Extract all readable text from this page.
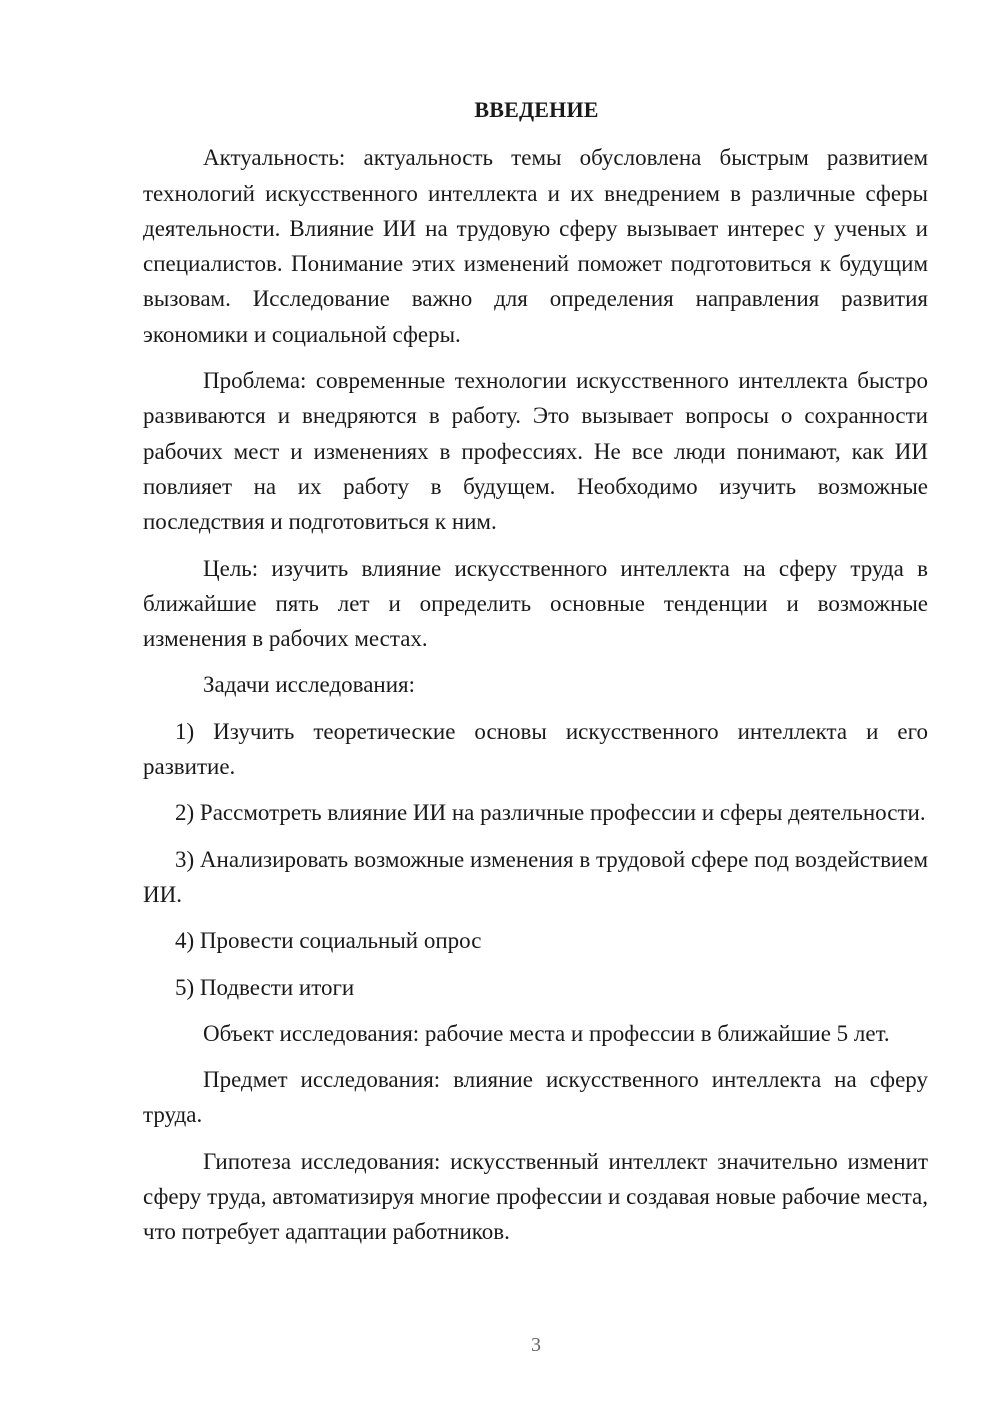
ВВЕДЕНИЕ

Актуальность: актуальность темы обусловлена быстрым развитием технологий искусственного интеллекта и их внедрением в различные сферы деятельности. Влияние ИИ на трудовую сферу вызывает интерес у ученых и специалистов. Понимание этих изменений поможет подготовиться к будущим вызовам. Исследование важно для определения направления развития экономики и социальной сферы.

Проблема: современные технологии искусственного интеллекта быстро развиваются и внедряются в работу. Это вызывает вопросы о сохранности рабочих мест и изменениях в профессиях. Не все люди понимают, как ИИ повлияет на их работу в будущем. Необходимо изучить возможные последствия и подготовиться к ним.

Цель: изучить влияние искусственного интеллекта на сферу труда в ближайшие пять лет и определить основные тенденции и возможные изменения в рабочих местах.

Задачи исследования:

1) Изучить теоретические основы искусственного интеллекта и его развитие.

2) Рассмотреть влияние ИИ на различные профессии и сферы деятельности.

3) Анализировать возможные изменения в трудовой сфере под воздействием ИИ.

4) Провести социальный опрос

5) Подвести итоги

Объект исследования: рабочие места и профессии в ближайшие 5 лет.

Предмет исследования: влияние искусственного интеллекта на сферу труда.

Гипотеза исследования: искусственный интеллект значительно изменит сферу труда, автоматизируя многие профессии и создавая новые рабочие места, что потребует адаптации работников.

3
